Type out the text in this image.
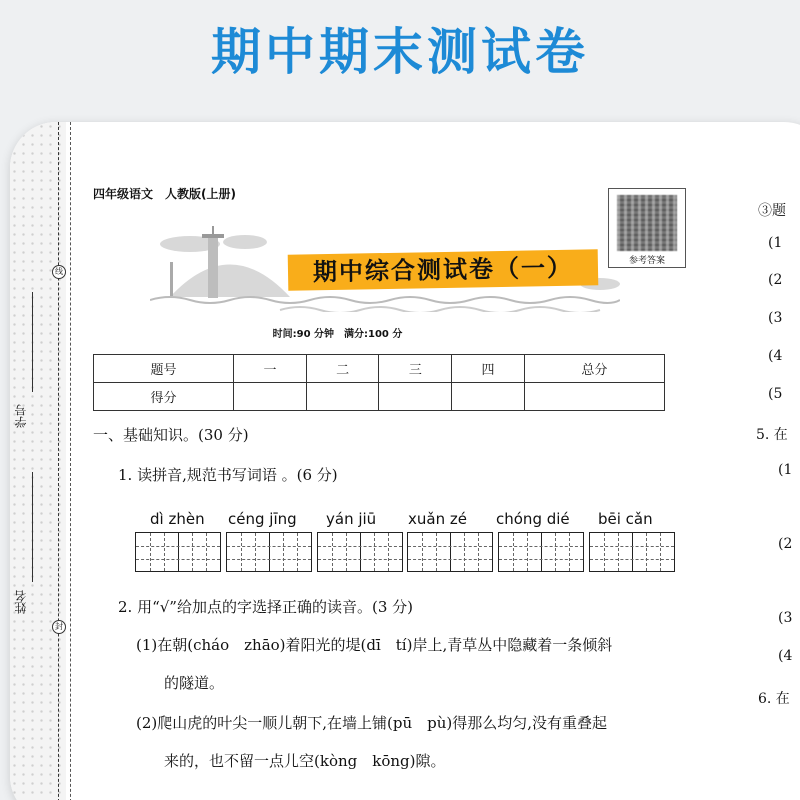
期中期末测试卷
学号
姓名
线
封
四年级语文　人教版(上册)
期中综合测试卷（一）	参考答案
时间:90 分钟　满分:100 分
题号	一	二	三	四	总分
得分					
一、基础知识。(30 分)
1. 读拼音,规范书写词语 。(6 分)
dì zhèn céng jīng yán jiū xuǎn zé chóng dié bēi cǎn
2. 用“√”给加点的字选择正确的读音。(3 分)
(1)在朝(cháo　zhāo)着阳光的堤(dī　tí)岸上,青草丛中隐藏着一条倾斜
的隧道。
(2)爬山虎的叶尖一顺儿朝下,在墙上铺(pū　pù)得那么均匀,没有重叠起
来的，也不留一点儿空(kòng　kōng)隙。
③题
(1
(2
(3
(4
(5
5. 在
(1
(2
(3
(4
6. 在
